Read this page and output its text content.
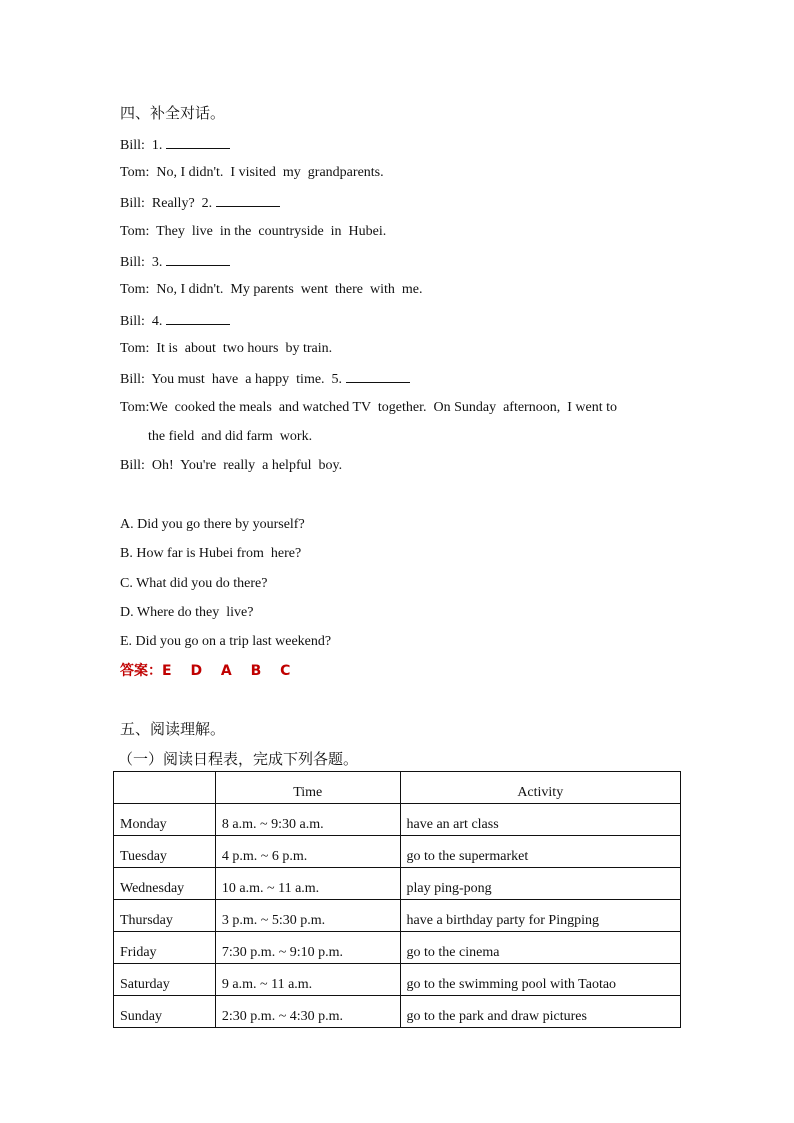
四、补全对话。
Bill:  1.
Tom:  No, I didn't.  I visited  my  grandparents.
Bill:  Really?  2.
Tom:  They  live  in the  countryside  in  Hubei.
Bill:  3.
Tom:  No, I didn't.  My parents  went  there  with  me.
Bill:  4.
Tom:  It is  about  two hours  by train.
Bill:  You must  have  a happy  time.  5.
Tom:We  cooked the meals  and watched TV  together.  On Sunday  afternoon,  I went to
the field  and did farm  work.
Bill:  Oh!  You're  really  a helpful  boy.
A. Did you go there by yourself?
B. How far is Hubei from  here?
C. What did you do there?
D. Where do they  live?
E. Did you go on a trip last weekend?
答案：E D A B C
五、阅读理解。
（一）阅读日程表，完成下列各题。
	Time	Activity
Monday	8 a.m. ~ 9:30 a.m.	have an art class
Tuesday	4 p.m. ~ 6 p.m.	go to the supermarket
Wednesday	10 a.m. ~ 11 a.m.	play ping-pong
Thursday	3 p.m. ~ 5:30 p.m.	have a birthday party for Pingping
Friday	7:30 p.m. ~ 9:10 p.m.	go to the cinema
Saturday	9 a.m. ~ 11 a.m.	go to the swimming pool with Taotao
Sunday	2:30 p.m. ~ 4:30 p.m.	go to the park and draw pictures
